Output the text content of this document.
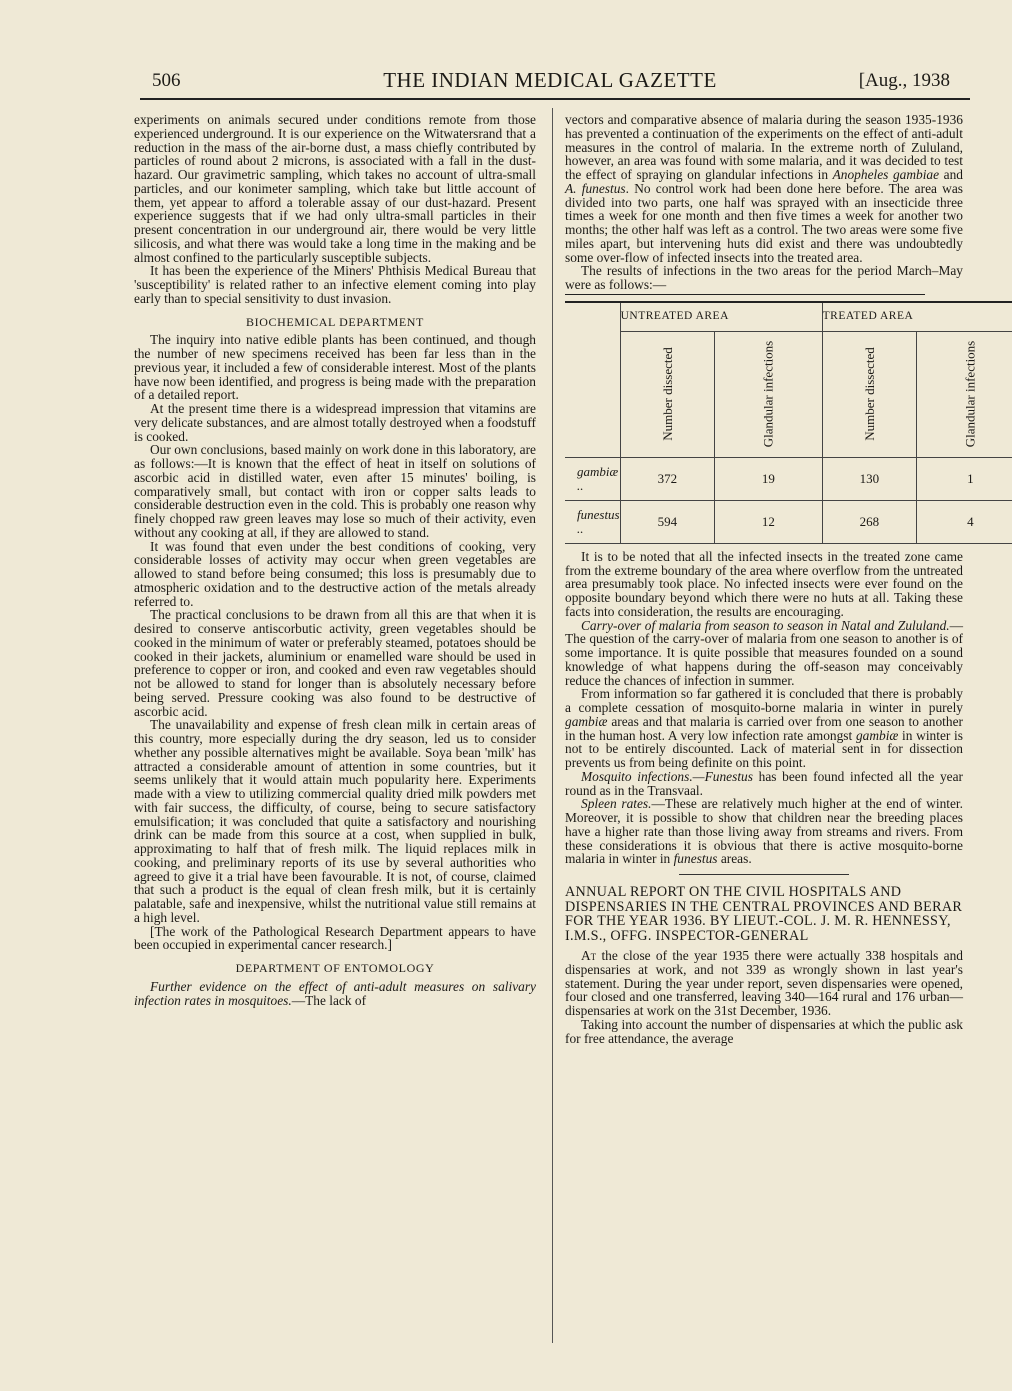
506	THE INDIAN MEDICAL GAZETTE	[Aug., 1938

experiments on animals secured under conditions remote from those experienced underground. It is our experience on the Witwatersrand that a reduction in the mass of the air-borne dust, a mass chiefly contributed by particles of round about 2 microns, is associated with a fall in the dust-hazard. Our gravimetric sampling, which takes no account of ultra-small particles, and our konimeter sampling, which take but little account of them, yet appear to afford a tolerable assay of our dust-hazard. Present experience suggests that if we had only ultra-small particles in their present concentration in our underground air, there would be very little silicosis, and what there was would take a long time in the making and be almost confined to the particularly susceptible subjects.

It has been the experience of the Miners' Phthisis Medical Bureau that 'susceptibility' is related rather to an infective element coming into play early than to special sensitivity to dust invasion.

BIOCHEMICAL DEPARTMENT

The inquiry into native edible plants has been continued, and though the number of new specimens received has been far less than in the previous year, it included a few of considerable interest. Most of the plants have now been identified, and progress is being made with the preparation of a detailed report.

At the present time there is a widespread impression that vitamins are very delicate substances, and are almost totally destroyed when a foodstuff is cooked.

Our own conclusions, based mainly on work done in this laboratory, are as follows:—It is known that the effect of heat in itself on solutions of ascorbic acid in distilled water, even after 15 minutes' boiling, is comparatively small, but contact with iron or copper salts leads to considerable destruction even in the cold. This is probably one reason why finely chopped raw green leaves may lose so much of their activity, even without any cooking at all, if they are allowed to stand.

It was found that even under the best conditions of cooking, very considerable losses of activity may occur when green vegetables are allowed to stand before being consumed; this loss is presumably due to atmospheric oxidation and to the destructive action of the metals already referred to.

The practical conclusions to be drawn from all this are that when it is desired to conserve antiscorbutic activity, green vegetables should be cooked in the minimum of water or preferably steamed, potatoes should be cooked in their jackets, aluminium or enamelled ware should be used in preference to copper or iron, and cooked and even raw vegetables should not be allowed to stand for longer than is absolutely necessary before being served. Pressure cooking was also found to be destructive of ascorbic acid.

The unavailability and expense of fresh clean milk in certain areas of this country, more especially during the dry season, led us to consider whether any possible alternatives might be available. Soya bean 'milk' has attracted a considerable amount of attention in some countries, but it seems unlikely that it would attain much popularity here. Experiments made with a view to utilizing commercial quality dried milk powders met with fair success, the difficulty, of course, being to secure satisfactory emulsification; it was concluded that quite a satisfactory and nourishing drink can be made from this source at a cost, when supplied in bulk, approximating to half that of fresh milk. The liquid replaces milk in cooking, and preliminary reports of its use by several authorities who agreed to give it a trial have been favourable. It is not, of course, claimed that such a product is the equal of clean fresh milk, but it is certainly palatable, safe and inexpensive, whilst the nutritional value still remains at a high level.

[The work of the Pathological Research Department appears to have been occupied in experimental cancer research.]

DEPARTMENT OF ENTOMOLOGY

Further evidence on the effect of anti-adult measures on salivary infection rates in mosquitoes.—The lack of

vectors and comparative absence of malaria during the season 1935-1936 has prevented a continuation of the experiments on the effect of anti-adult measures in the control of malaria. In the extreme north of Zululand, however, an area was found with some malaria, and it was decided to test the effect of spraying on glandular infections in Anopheles gambiae and A. funestus. No control work had been done here before. The area was divided into two parts, one half was sprayed with an insecticide three times a week for one month and then five times a week for another two months; the other half was left as a control. The two areas were some five miles apart, but intervening huts did exist and there was undoubtedly some over-flow of infected insects into the treated area.

The results of infections in the two areas for the period March–May were as follows:—

	UNTREATED AREA		TREATED AREA	
	Number dissected	Glandular infections	Number dissected	Glandular infections
gambiæ ..	372	19	130	1
funestus ..	594	12	268	4

It is to be noted that all the infected insects in the treated zone came from the extreme boundary of the area where overflow from the untreated area presumably took place. No infected insects were ever found on the opposite boundary beyond which there were no huts at all. Taking these facts into consideration, the results are encouraging.

Carry-over of malaria from season to season in Natal and Zululand.—The question of the carry-over of malaria from one season to another is of some importance. It is quite possible that measures founded on a sound knowledge of what happens during the off-season may conceivably reduce the chances of infection in summer.

From information so far gathered it is concluded that there is probably a complete cessation of mosquito-borne malaria in winter in purely gambiæ areas and that malaria is carried over from one season to another in the human host. A very low infection rate amongst gambiæ in winter is not to be entirely discounted. Lack of material sent in for dissection prevents us from being definite on this point.

Mosquito infections.—Funestus has been found infected all the year round as in the Transvaal.

Spleen rates.—These are relatively much higher at the end of winter. Moreover, it is possible to show that children near the breeding places have a higher rate than those living away from streams and rivers. From these considerations it is obvious that there is active mosquito-borne malaria in winter in funestus areas.

ANNUAL REPORT ON THE CIVIL HOSPITALS AND DISPENSARIES IN THE CENTRAL PROVINCES AND BERAR FOR THE YEAR 1936. BY LIEUT.-COL. J. M. R. HENNESSY, I.M.S., OFFG. INSPECTOR-GENERAL

At the close of the year 1935 there were actually 338 hospitals and dispensaries at work, and not 339 as wrongly shown in last year's statement. During the year under report, seven dispensaries were opened, four closed and one transferred, leaving 340—164 rural and 176 urban—dispensaries at work on the 31st December, 1936.

Taking into account the number of dispensaries at which the public ask for free attendance, the average
